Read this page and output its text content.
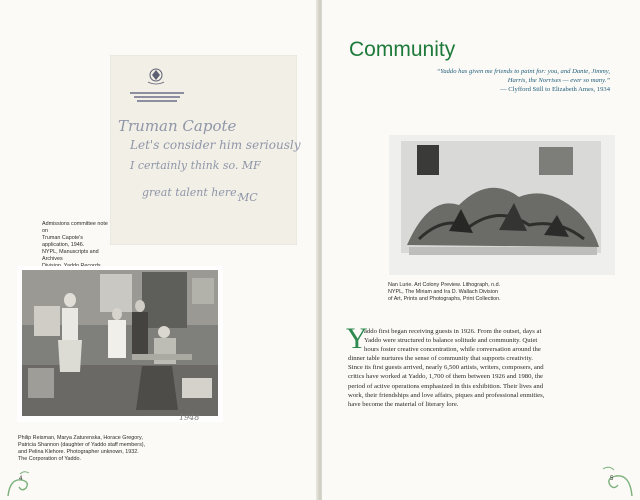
Truman Capote
Let's consider him seriously
I certainly think so. MF
great talent here.
MC
Admissions committee note on
Truman Capote's application, 1946.
NYPL, Manuscripts and Archives
1948
Philip Reisman, Marya Zaturenska, Horace Gregory,
Patricia Shannon (daughter of Yaddo staff members),
and Pelina Klehore. Photographer unknown, 1932.
The Corporation of Yaddo.
4
Community
“Yaddo has given me friends to paint for: you, and Dante, Jimmy,
Harris, the Norrises — ever so many.”
— Clyfford Still to Elizabeth Ames, 1934
Nan Lurie. Art Colony Preview. Lithograph, n.d.
NYPL, The Miriam and Ira D. Wallach Division
of Art, Prints and Photographs, Print Collection.
Y
addo first began receiving guests in 1926. From the outset, days at
Yaddo were structured to balance solitude and community. Quiet
hours foster creative concentration, while conversation around the
dinner table nurtures the sense of community that supports creativity.
Since its first guests arrived, nearly 6,500 artists, writers, composers, and
critics have worked at Yaddo, 1,700 of them between 1926 and 1980, the
period of active operations emphasized in this exhibition. Their lives and
work, their friendships and love affairs, piques and professional enmities,
have become the material of literary lore.
5
